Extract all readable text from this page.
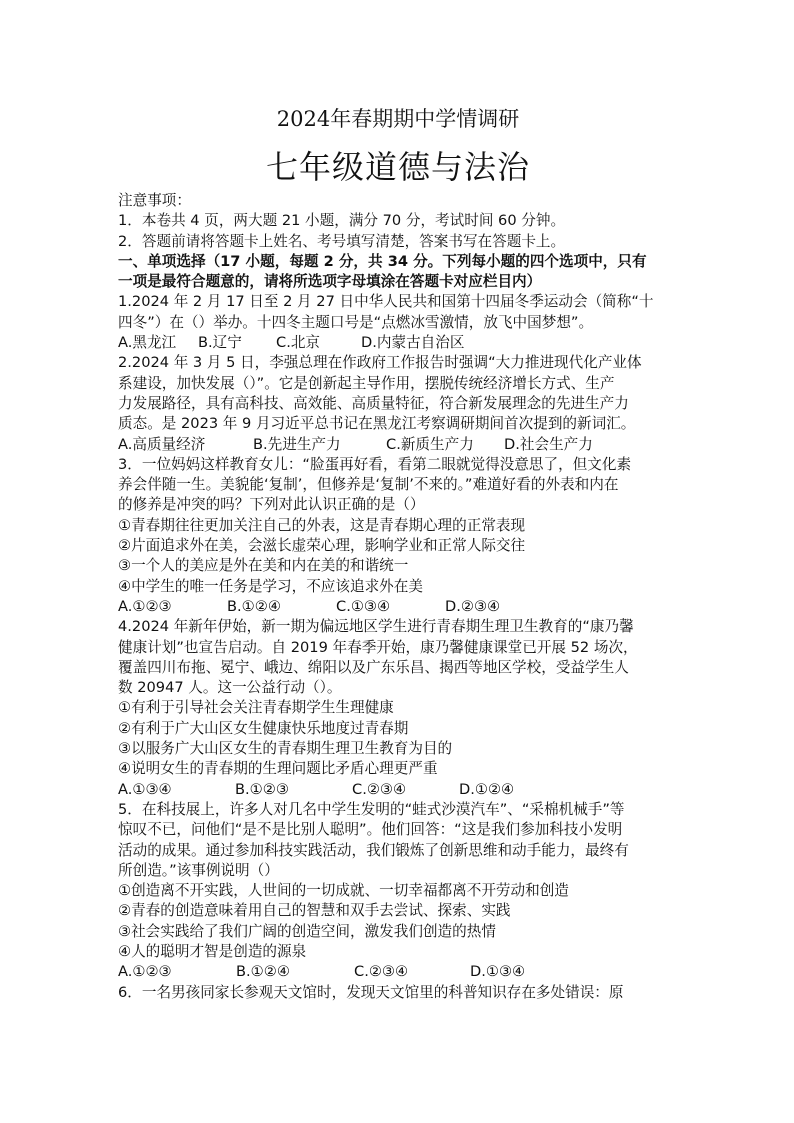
2024年春期期中学情调研
七年级道德与法治
注意事项：
1．本卷共 4 页，两大题 21 小题，满分 70 分，考试时间 60 分钟。
2．答题前请将答题卡上姓名、考号填写清楚，答案书写在答题卡上。
一、单项选择（17 小题，每题 2 分，共 34 分。下列每小题的四个选项中，只有
一项是最符合题意的，请将所选项字母填涂在答题卡对应栏目内）
1.2024 年 2 月 17 日至 2 月 27 日中华人民共和国第十四届冬季运动会（简称“十
四冬”）在（）举办。十四冬主题口号是“点燃冰雪激情，放飞中国梦想”。
A.黑龙江	B.辽宁	C.北京	D.内蒙古自治区
2.2024 年 3 月 5 日，李强总理在作政府工作报告时强调“大力推进现代化产业体
系建设，加快发展（）”。它是创新起主导作用，摆脱传统经济增长方式、生产
力发展路径，具有高科技、高效能、高质量特征，符合新发展理念的先进生产力
质态。是 2023 年 9 月习近平总书记在黑龙江考察调研期间首次提到的新词汇。
A.高质量经济	B.先进生产力	C.新质生产力	D.社会生产力
3．一位妈妈这样教育女儿：“脸蛋再好看，看第二眼就觉得没意思了，但文化素
养会伴随一生。美貌能‘复制’，但修养是‘复制’不来的。”难道好看的外表和内在
的修养是冲突的吗？下列对此认识正确的是（）
①青春期往往更加关注自己的外表，这是青春期心理的正常表现
②片面追求外在美，会滋长虚荣心理，影响学业和正常人际交往
③一个人的美应是外在美和内在美的和谐统一
④中学生的唯一任务是学习，不应该追求外在美
A.①②③	B.①②④	C.①③④	D.②③④
4.2024 年新年伊始，新一期为偏远地区学生进行青春期生理卫生教育的“康乃馨
健康计划”也宣告启动。自 2019 年春季开始，康乃馨健康课堂已开展 52 场次，
覆盖四川布拖、冕宁、峨边、绵阳以及广东乐昌、揭西等地区学校，受益学生人
数 20947 人。这一公益行动（）。
①有利于引导社会关注青春期学生生理健康
②有利于广大山区女生健康快乐地度过青春期
③以服务广大山区女生的青春期生理卫生教育为目的
④说明女生的青春期的生理问题比矛盾心理更严重
A.①③④	B.①②③	C.②③④	D.①②④
5．在科技展上，许多人对几名中学生发明的“蛙式沙漠汽车”、“采棉机械手”等
惊叹不已，问他们“是不是比别人聪明”。他们回答：“这是我们参加科技小发明
活动的成果。通过参加科技实践活动，我们锻炼了创新思维和动手能力，最终有
所创造。”该事例说明（）
①创造离不开实践，人世间的一切成就、一切幸福都离不开劳动和创造
②青春的创造意味着用自己的智慧和双手去尝试、探索、实践
③社会实践给了我们广阔的创造空间，激发我们创造的热情
④人的聪明才智是创造的源泉
A.①②③	B.①②④	C.②③④	D.①③④
6．一名男孩同家长参观天文馆时，发现天文馆里的科普知识存在多处错误：原
